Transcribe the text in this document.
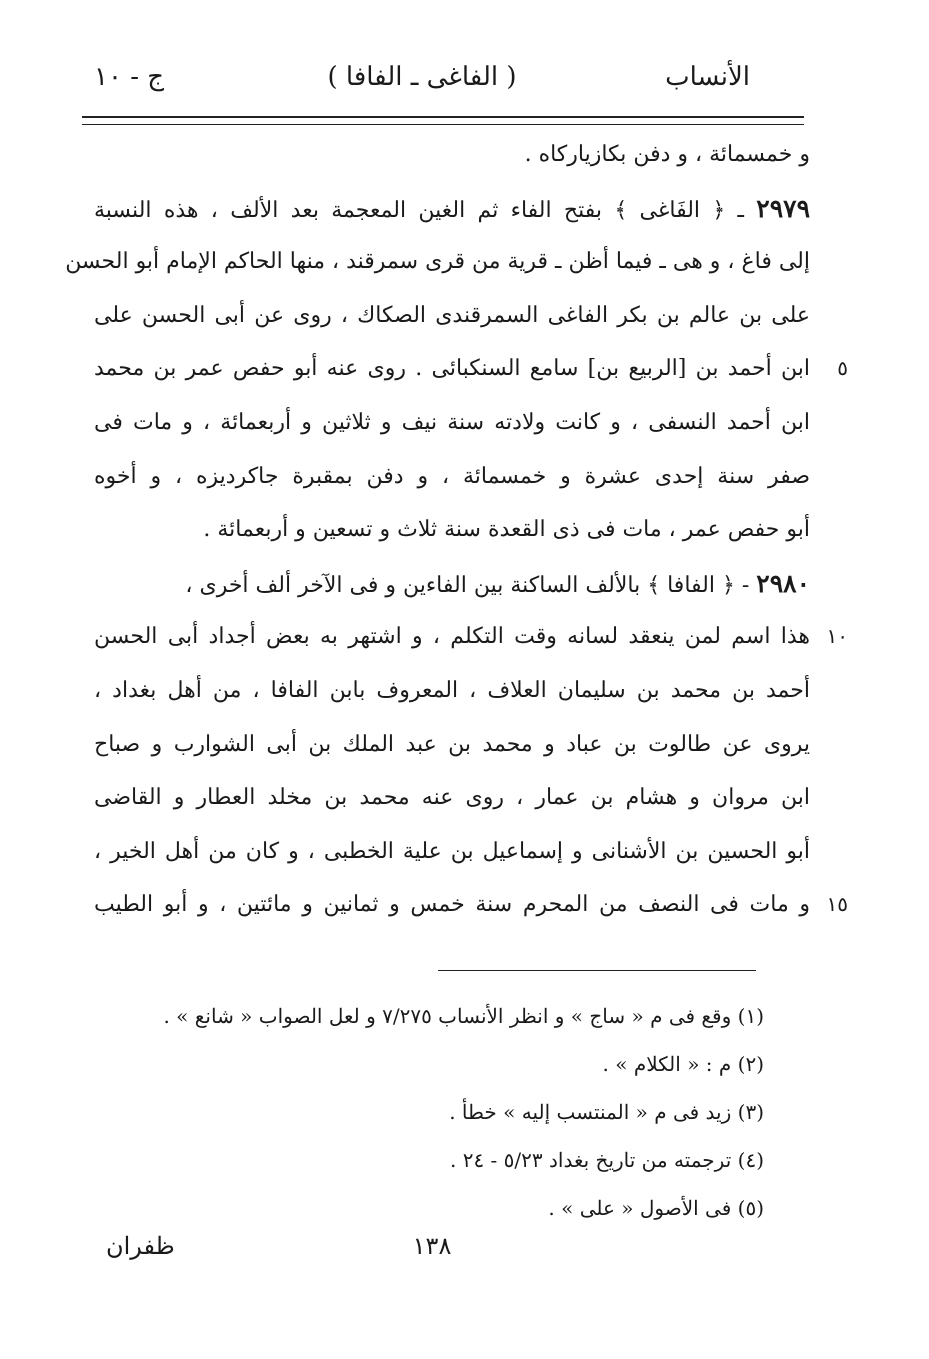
الأنساب
( الفاغى ـ الفافا )
ج - ١٠
و خمسمائة ، و دفن بكازياركاه .
٢٩٧٩ ـ ﴿ الفَاغى ﴾ بفتح الفاء ثم الغين المعجمة بعد الألف ، هذه النسبة
إلى فاغ ، و هى ـ فيما أظن ـ قرية من قرى سمرقند ، منها الحاكم الإمام أبو الحسن
على بن عالم بن بكر الفاغى السمرقندى الصكاك ، روى عن أبى الحسن على
ابن أحمد بن [الربيع بن] سامع السنكبائى . روى عنه أبو حفص عمر بن محمد	٥
ابن أحمد النسفى ، و كانت ولادته سنة نيف و ثلاثين و أربعمائة ، و مات فى
صفر سنة إحدى عشرة و خمسمائة ، و دفن بمقبرة جاكرديزه ، و أخوه
أبو حفص عمر ، مات فى ذى القعدة سنة ثلاث و تسعين و أربعمائة .
٢٩٨٠ - ﴿ الفافا ﴾ بالألف الساكنة بين الفاءين و فى الآخر ألف أخرى ،
هذا اسم لمن ينعقد لسانه وقت التكلم ، و اشتهر به بعض أجداد أبى الحسن ١٠
أحمد بن محمد بن سليمان العلاف ، المعروف بابن الفافا ، من أهل بغداد ،
يروى عن طالوت بن عباد و محمد بن عبد الملك بن أبى الشوارب و صباح
ابن مروان و هشام بن عمار ، روى عنه محمد بن مخلد العطار و القاضى
أبو الحسين بن الأشنانى و إسماعيل بن علية الخطبى ، و كان من أهل الخير ،
و مات فى النصف من المحرم سنة خمس و ثمانين و مائتين ، و أبو الطيب ١٥
(١) وقع فى م « ساج » و انظر الأنساب ٧/٢٧٥ و لعل الصواب « شانع » .
(٢) م : « الكلام » .
(٣) زيد فى م « المنتسب إليه » خطأ .
(٤) ترجمته من تاريخ بغداد ٥/٢٣ - ٢٤ .
(٥) فى الأصول « على » .
١٣٨
ظفران
